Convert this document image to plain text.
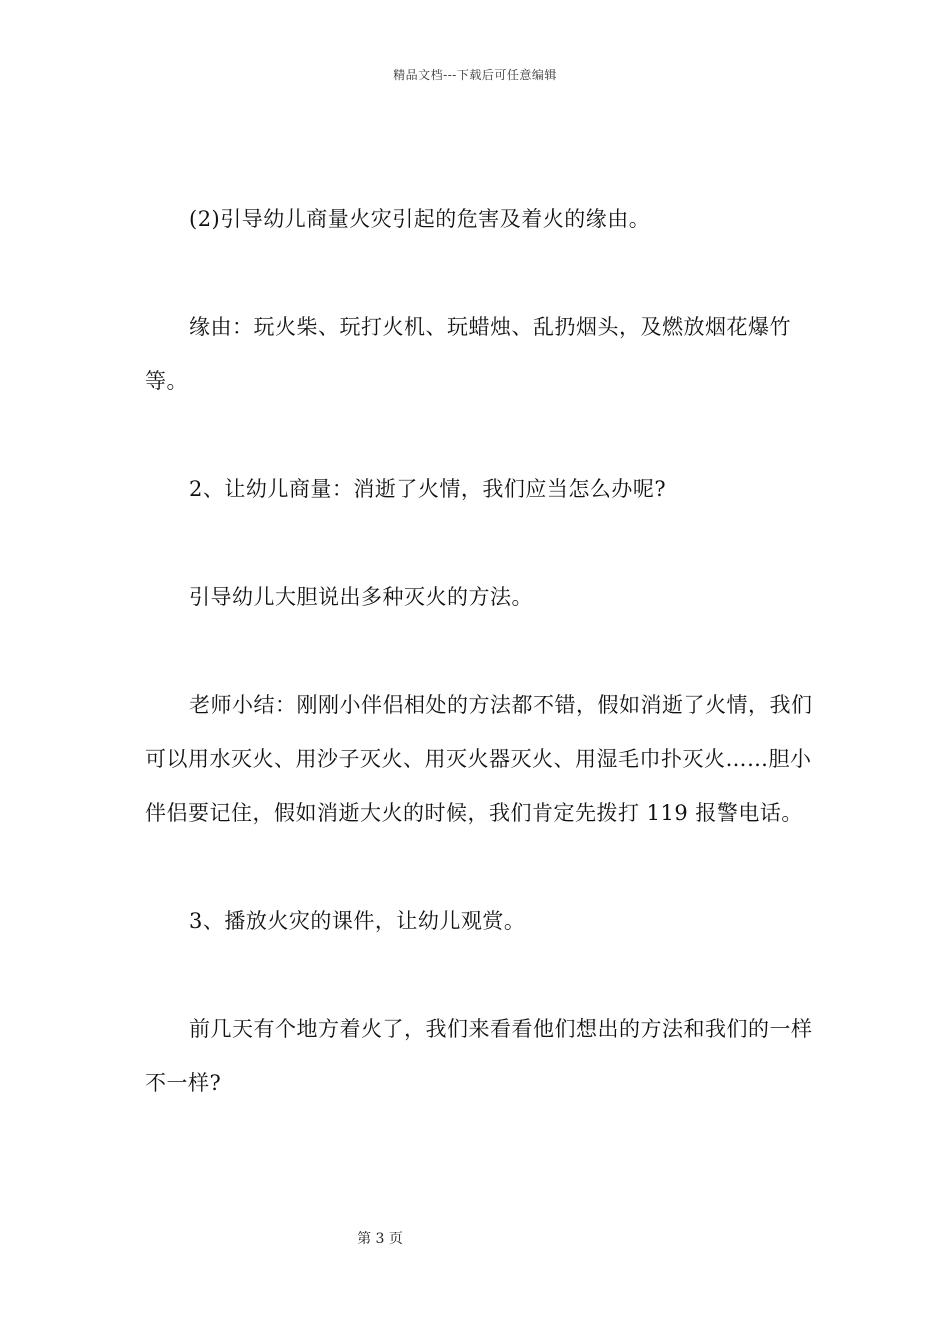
精品文档---下载后可任意编辑

(2)引导幼儿商量火灾引起的危害及着火的缘由。

缘由：玩火柴、玩打火机、玩蜡烛、乱扔烟头，及燃放烟花爆竹等。

2、让幼儿商量：消逝了火情，我们应当怎么办呢?

引导幼儿大胆说出多种灭火的方法。

老师小结：刚刚小伴侣相处的方法都不错，假如消逝了火情，我们可以用水灭火、用沙子灭火、用灭火器灭火、用湿毛巾扑灭火……胆小伴侣要记住，假如消逝大火的时候，我们肯定先拨打 119 报警电话。

3、播放火灾的课件，让幼儿观赏。

前几天有个地方着火了，我们来看看他们想出的方法和我们的一样不一样?

第 3 页
